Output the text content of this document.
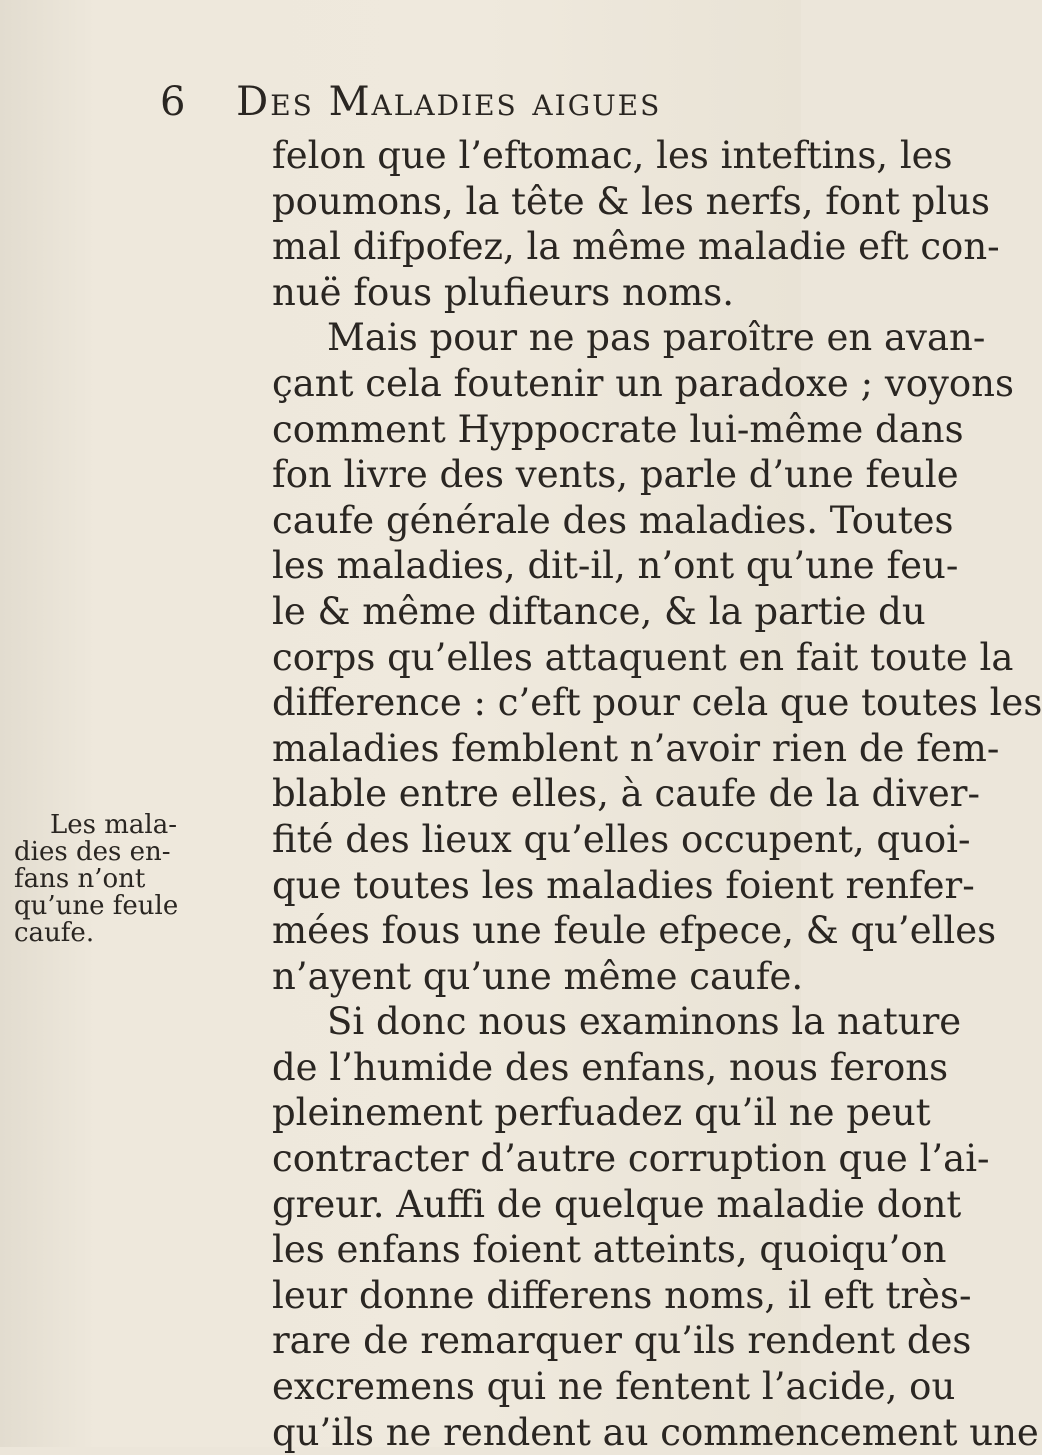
6 Des Maladies aigues
felon que l’eftomac, les inteftins, les
poumons, la tête & les nerfs, font plus
mal difpofez, la même maladie eft con-
nuë fous plufieurs noms.
Mais pour ne pas paroître en avan-
çant cela foutenir un paradoxe ; voyons
comment Hyppocrate lui-même dans
fon livre des vents, parle d’une feule
caufe générale des maladies. Toutes
les maladies, dit-il, n’ont qu’une feu-
le & même diftance, & la partie du
corps qu’elles attaquent en fait toute la
difference : c’eft pour cela que toutes les
maladies femblent n’avoir rien de fem-
blable entre elles, à caufe de la diver-
fité des lieux qu’elles occupent, quoi-
que toutes les maladies foient renfer-
mées fous une feule efpece, & qu’elles
n’ayent qu’une même caufe.
Si donc nous examinons la nature
de l’humide des enfans, nous ferons
pleinement perfuadez qu’il ne peut
contracter d’autre corruption que l’ai-
greur. Auffi de quelque maladie dont
les enfans foient atteints, quoiqu’on
leur donne differens noms, il eft très-
rare de remarquer qu’ils rendent des
excremens qui ne fentent l’acide, ou
qu’ils ne rendent au commencement une
Les mala-
dies des en-
fans n’ont
qu’une feule
caufe.
